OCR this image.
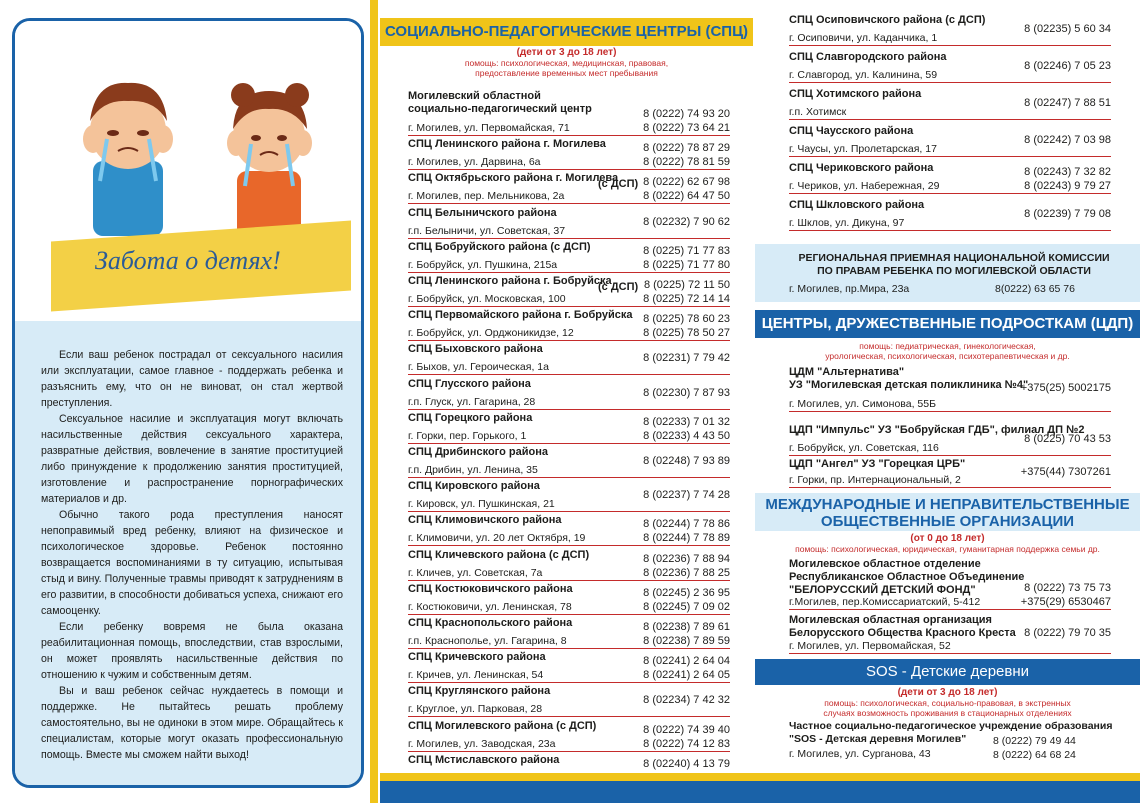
Забота о детях!

Если ваш ребенок пострадал от сексуального насилия или эксплуатации, самое главное - поддержать ребенка и разъяснить ему, что он не виноват, он стал жертвой преступления.

Сексуальное насилие и эксплуатация могут включать насильственные действия сексуального характера, развратные действия, вовлечение в занятие проституцией либо принуждение к продолжению занятия проституцией, изготовление и распространение порнографических материалов и др.

Обычно такого рода преступления наносят непоправимый вред ребенку, влияют на физическое и психологическое здоровье. Ребенок постоянно возвращается воспоминаниями в ту ситуацию, испытывая стыд и вину. Полученные травмы приводят к затруднениям в его развитии, в способности добиваться успеха, снижают его самооценку.

Если ребенку вовремя не была оказана реабилитационная помощь, впоследствии, став взрослыми, он может проявлять насильственные действия по отношению к чужим и собственным детям.

Вы и ваш ребенок сейчас нуждаетесь в помощи и поддержке. Не пытайтесь решать проблему самостоятельно, вы не одиноки в этом мире. Обращайтесь к специалистам, которые могут оказать профессиональную помощь. Вместе мы сможем найти выход!

СОЦИАЛЬНО-ПЕДАГОГИЧЕСКИЕ ЦЕНТРЫ (СПЦ)
(дети от 3 до 18 лет)
помощь: психологическая, медицинская, правовая,
предоставление временных мест пребывания
Могилевский областной
социально-педагогический центр
г. Могилев, ул. Первомайская, 71
8 (0222) 74 93 20
8 (0222) 73 64 21
СПЦ Ленинского района г. Могилева
г. Могилев, ул. Дарвина, 6а
8 (0222) 78 87 29
8 (0222) 78 81 59
СПЦ Октябрьского района г. Могилева
(с ДСП)
г. Могилев, пер. Мельникова, 2а
8 (0222) 62 67 98
8 (0222) 64 47 50
СПЦ Белыничского района
г.п. Белыничи, ул. Советская, 37
8 (02232) 7 90 62
СПЦ Бобруйского района (с ДСП)
г. Бобруйск, ул. Пушкина, 215а
8 (0225) 71 77 83
8 (0225) 71 77 80
СПЦ Ленинского района г. Бобруйска
(с ДСП)
г. Бобруйск, ул. Московская, 100
8 (0225) 72 11 50
8 (0225) 72 14 14
СПЦ Первомайского района г. Бобруйска
г. Бобруйск, ул. Орджоникидзе, 12
8 (0225) 78 60 23
8 (0225) 78 50 27
СПЦ Быховского района
г. Быхов, ул. Героическая, 1а
8 (02231) 7 79 42
СПЦ Глусского района
г.п. Глуск, ул. Гагарина, 28
8 (02230) 7 87 93
СПЦ Горецкого района
г. Горки, пер. Горького, 1
8 (02233) 7 01 32
8 (02233) 4 43 50
СПЦ Дрибинского района
г.п. Дрибин, ул. Ленина, 35
8 (02248) 7 93 89
СПЦ Кировского района
г. Кировск, ул. Пушкинская, 21
8 (02237) 7 74 28
СПЦ Климовичского района
г. Климовичи, ул. 20 лет Октября, 19
8 (02244) 7 78 86
8 (02244) 7 78 89
СПЦ Кличевского района (с ДСП)
г. Кличев, ул. Советская, 7а
8 (02236) 7 88 94
8 (02236) 7 88 25
СПЦ Костюковичского района
г. Костюковичи, ул. Ленинская, 78
8 (02245) 2 36 95
8 (02245) 7 09 02
СПЦ Краснопольского района
г.п. Краснополье, ул. Гагарина, 8
8 (02238) 7 89 61
8 (02238) 7 89 59
СПЦ Кричевского района
г. Кричев, ул. Ленинская, 54
8 (02241) 2 64 04
8 (02241) 2 64 05
СПЦ Круглянского района
г. Круглое, ул. Парковая, 28
8 (02234) 7 42 32
СПЦ Могилевского района (с ДСП)
г. Могилев, ул. Заводская, 23а
8 (0222) 74 39 40
8 (0222) 74 12 83
СПЦ Мстиславского района	8 (02240) 4 13 79
СПЦ Осиповичского района (с ДСП)
г. Осиповичи, ул. Каданчика, 1
8 (02235) 5 60 34
СПЦ Славгородского района
г. Славгород, ул. Калинина, 59
8 (02246) 7 05 23
СПЦ Хотимского района
г.п. Хотимск
8 (02247) 7 88 51
СПЦ Чаусского района
г. Чаусы, ул. Пролетарская, 17
8 (02242) 7 03 98
СПЦ Чериковского района
г. Чериков, ул. Набережная, 29
8 (02243) 7 32 82
8 (02243) 9 79 27
СПЦ Шкловского района
г. Шклов, ул. Дикуна, 97
8 (02239) 7 79 08
РЕГИОНАЛЬНАЯ ПРИЕМНАЯ НАЦИОНАЛЬНОЙ КОМИССИИ
ПО ПРАВАМ РЕБЕНКА ПО МОГИЛЕВСКОЙ ОБЛАСТИ
г. Могилев, пр.Мира, 23а	8(0222) 63 65 76
ЦЕНТРЫ, ДРУЖЕСТВЕННЫЕ ПОДРОСТКАМ (ЦДП)
помощь: педиатрическая, гинекологическая,
урологическая, психологическая, психотерапевтическая и др.
ЦДМ "Альтернатива"
УЗ "Могилевская детская поликлиника №4"
г. Могилев, ул. Симонова, 55Б
+375(25) 5002175
ЦДП "Импульс" УЗ "Бобруйская ГДБ", филиал ДП №2
г. Бобруйск, ул. Советская, 116
8 (0225) 70 43 53
ЦДП "Ангел" УЗ "Горецкая ЦРБ"
г. Горки, пр. Интернациональный, 2
+375(44) 7307261
МЕЖДУНАРОДНЫЕ И НЕПРАВИТЕЛЬСТВЕННЫЕ
ОБЩЕСТВЕННЫЕ ОРГАНИЗАЦИИ
(от 0 до 18 лет)
помощь: психологическая, юридическая, гуманитарная поддержка семьи др.
Могилевское областное отделение
Республиканское Областное Объединение
"БЕЛОРУССКИЙ ДЕТСКИЙ ФОНД"
г.Могилев, пер.Комиссариатский, 5-412
8 (0222) 73 75 73
+375(29) 6530467
Могилевская областная организация
Белорусского Общества Красного Креста
г. Могилев, ул. Первомайская, 52
8 (0222) 79 70 35
SOS - Детские деревни
(дети от 3 до 18 лет)
помощь: психологическая, социально-правовая, в экстренных
случаях возможность проживания в стационарных отделениях
Частное социально-педагогическое учреждение образования
"SOS - Детская деревня Могилев"
г. Могилев, ул. Сурганова, 43
8 (0222) 79 49 44
8 (0222) 64 68 24
